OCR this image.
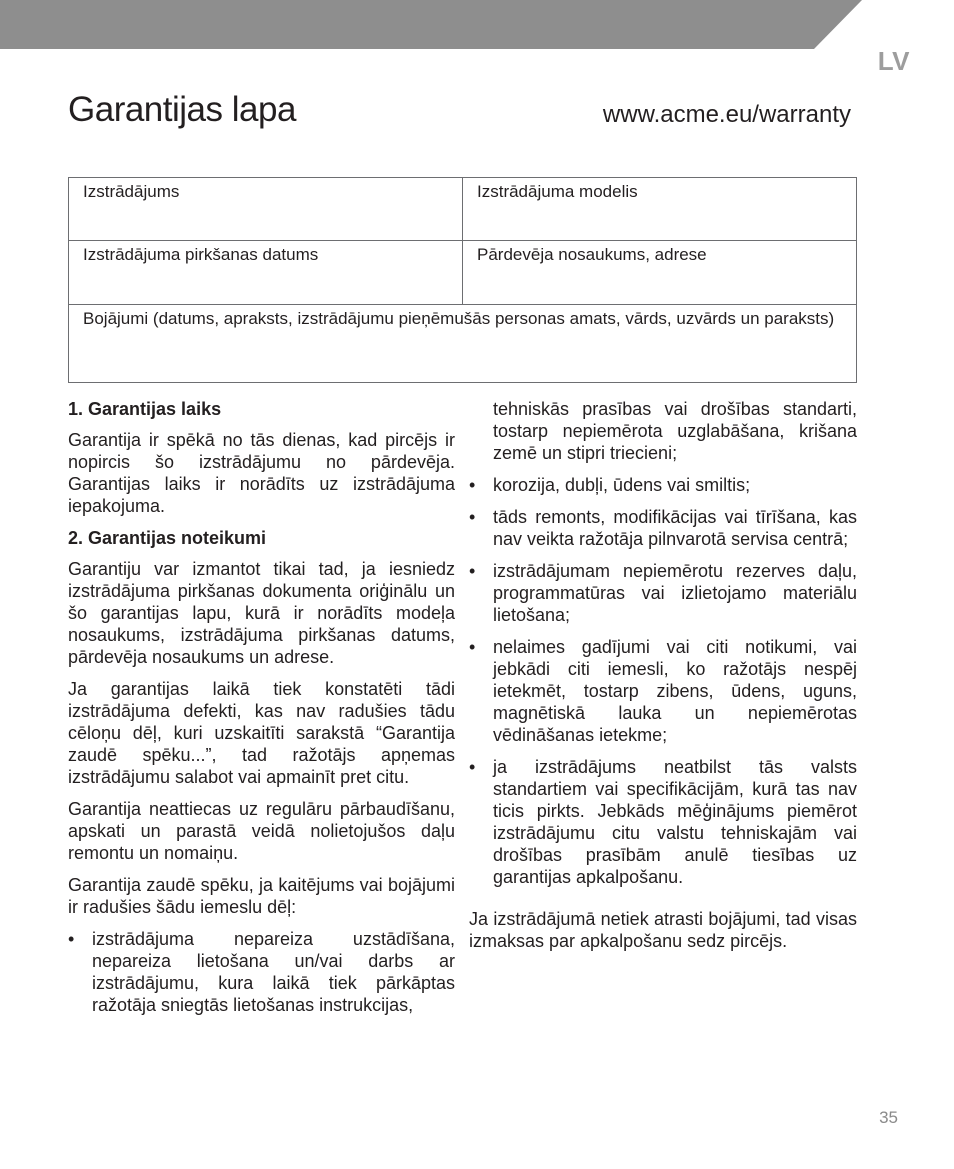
LV
Garantijas lapa	www.acme.eu/warranty
Izstrādājums	Izstrādājuma modelis
Izstrādājuma pirkšanas datums	Pārdevēja nosaukums, adrese
Bojājumi (datums, apraksts, izstrādājumu pieņēmušās personas amats, vārds, uzvārds un paraksts)
1. Garantijas laiks

Garantija ir spēkā no tās dienas, kad pircējs ir nopircis šo izstrādājumu no pārdevēja. Garantijas laiks ir norādīts uz izstrādājuma iepakojuma.

2. Garantijas noteikumi

Garantiju var izmantot tikai tad, ja iesniedz izstrādājuma pirkšanas dokumenta oriģinālu un šo garantijas lapu, kurā ir norādīts modeļa nosaukums, izstrādājuma pirkšanas datums, pārdevēja nosaukums un adrese.

Ja garantijas laikā tiek konstatēti tādi izstrādājuma defekti, kas nav radušies tādu cēloņu dēļ, kuri uzskaitīti sarakstā “Garantija zaudē spēku...”, tad ražotājs apņemas izstrādājumu salabot vai apmainīt pret citu.

Garantija neattiecas uz regulāru pārbaudīšanu, apskati un parastā veidā nolietojušos daļu remontu un nomaiņu.

Garantija zaudē spēku, ja kaitējums vai bojājumi ir radušies šādu iemeslu dēļ:

• izstrādājuma nepareiza uzstādīšana, nepareiza lietošana un/vai darbs ar izstrādājumu, kura laikā tiek pārkāptas ražotāja sniegtās lietošanas instrukcijas,
tehniskās prasības vai drošības standarti, tostarp nepiemērota uzglabāšana, krišana zemē un stipri triecieni;
• korozija, dubļi, ūdens vai smiltis;
• tāds remonts, modifikācijas vai tīrīšana, kas nav veikta ražotāja pilnvarotā servisa centrā;
• izstrādājumam nepiemērotu rezerves daļu, programmatūras vai izlietojamo materiālu lietošana;
• nelaimes gadījumi vai citi notikumi, vai jebkādi citi iemesli, ko ražotājs nespēj ietekmēt, tostarp zibens, ūdens, uguns, magnētiskā lauka un nepiemērotas vēdināšanas ietekme;
• ja izstrādājums neatbilst tās valsts standartiem vai specifikācijām, kurā tas nav ticis pirkts. Jebkāds mēģinājums piemērot izstrādājumu citu valstu tehniskajām vai drošības prasībām anulē tiesības uz garantijas apkalpošanu.

Ja izstrādājumā netiek atrasti bojājumi, tad visas izmaksas par apkalpošanu sedz pircējs.

35
